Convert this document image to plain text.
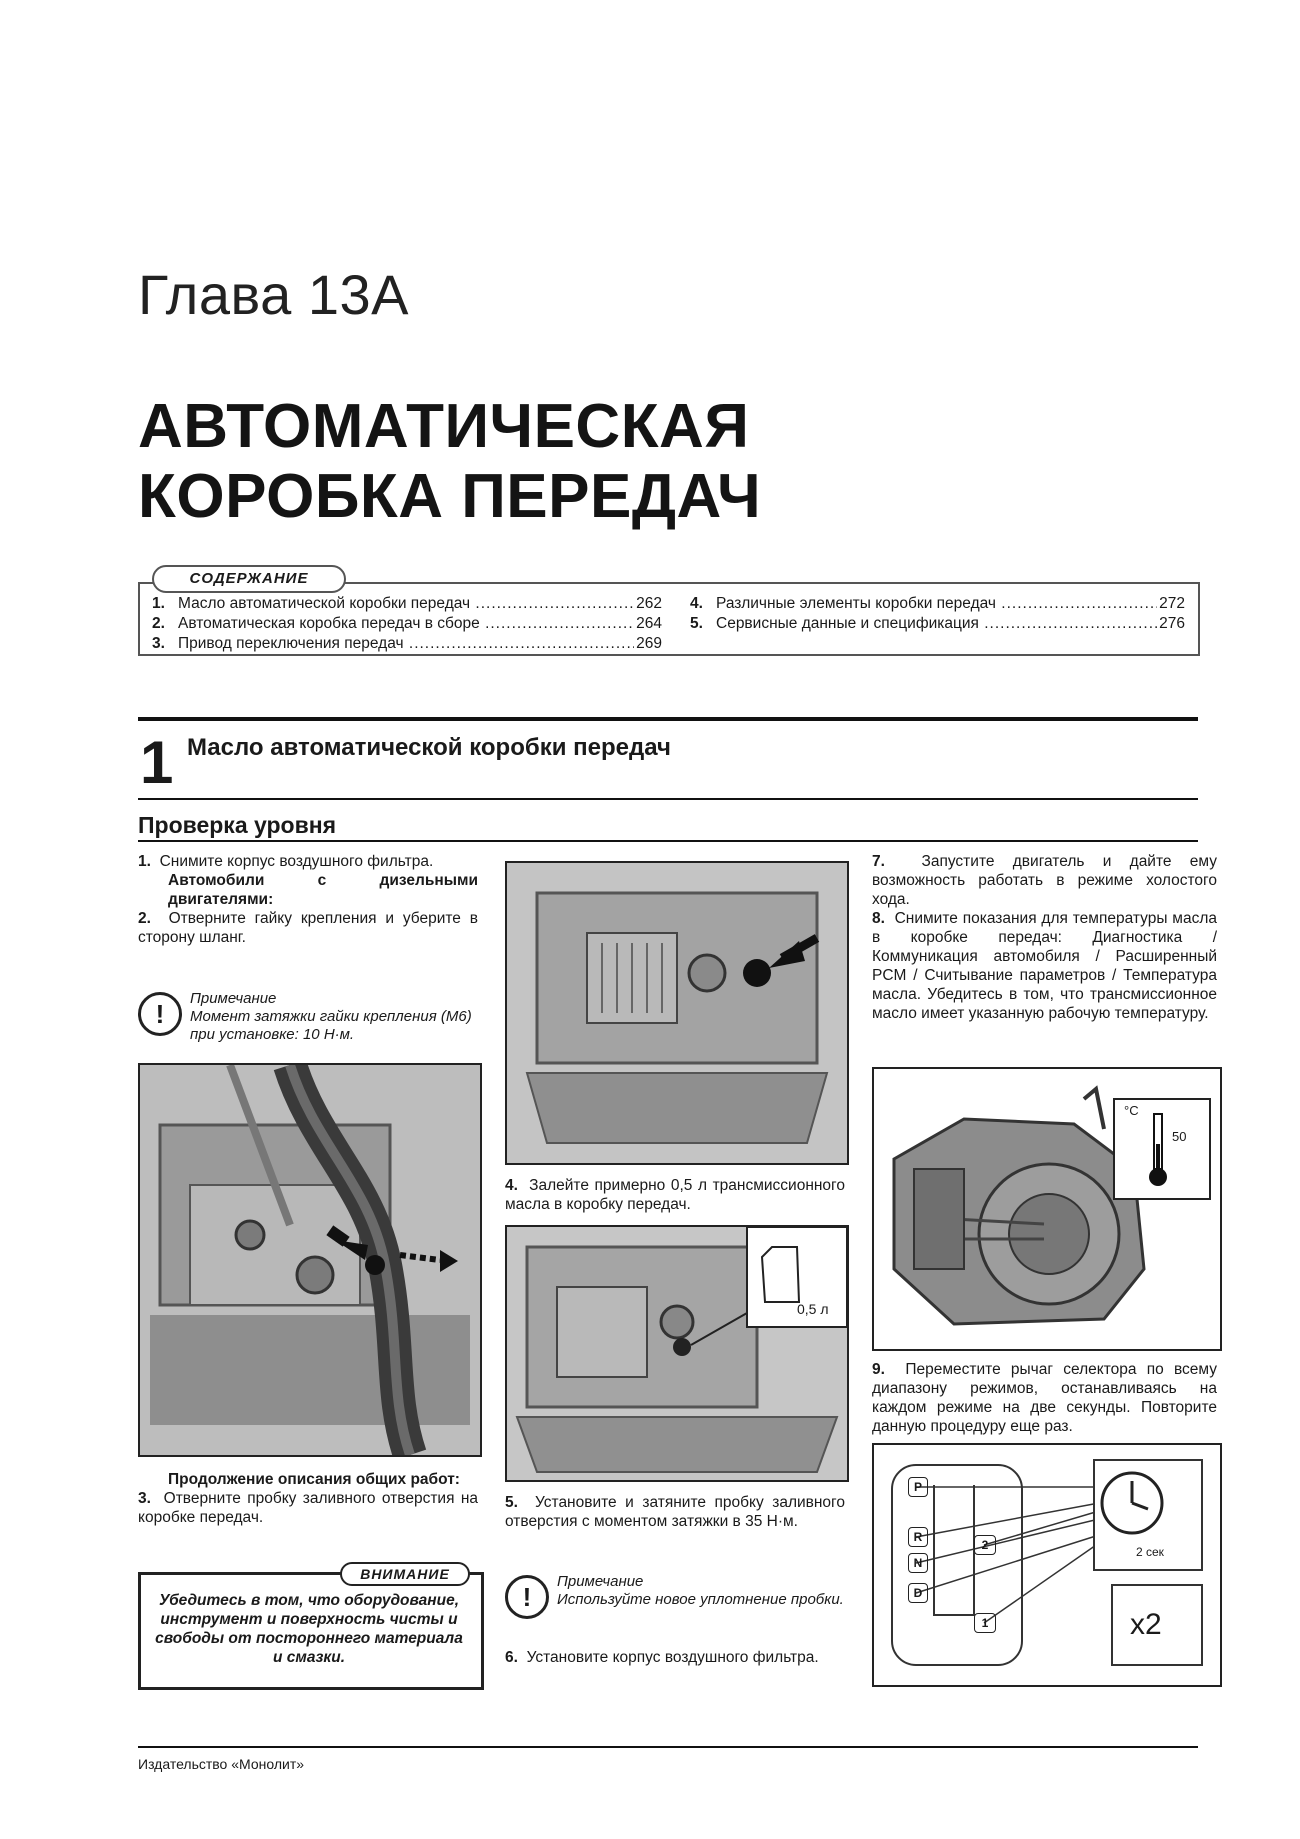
Глава 13А
АВТОМАТИЧЕСКАЯ
КОРОБКА ПЕРЕДАЧ
СОДЕРЖАНИЕ
1. Масло автоматической коробки передач .....	262
2. Автоматическая коробка передач в сборе .....	264
3. Привод переключения передач .....	269
4. Различные элементы коробки передач .....	272
5. Сервисные данные и спецификация .....	276
1 Масло автоматической коробки передач
Проверка уровня
1. Снимите корпус воздушного фильтра.
Автомобили с дизельными двигателями:
2. Отверните гайку крепления и уберите в сторону шланг.
!
Примечание
Момент затяжки гайки крепления (М6) при установке: 10 Н·м.
Продолжение описания общих работ:
3. Отверните пробку заливного отверстия на коробке передач.
ВНИМАНИЕ
Убедитесь в том, что оборудование, инструмент и поверхность чисты и свободы от постороннего материала и смазки.
4. Залейте примерно 0,5 л трансмиссионного масла в коробку передач.
0,5 л
5. Установите и затяните пробку заливного отверстия с моментом затяжки в 35 Н·м.
!
Примечание
Используйте новое уплотнение пробки.
6. Установите корпус воздушного фильтра.
7. Запустите двигатель и дайте ему возможность работать в режиме холостого хода.
8. Снимите показания для температуры масла в коробке передач: Диагностика / Коммуникация автомобиля / Расширенный PCM / Считывание параметров / Температура масла. Убедитесь в том, что трансмиссионное масло имеет указанную рабочую температуру.
°C
50
9. Переместите рычаг селектора по всему диапазону режимов, останавливаясь на каждом режиме на две секунды. Повторите данную процедуру еще раз.
P
R
N
D
2
1
2 сек
x2
Издательство «Монолит»
